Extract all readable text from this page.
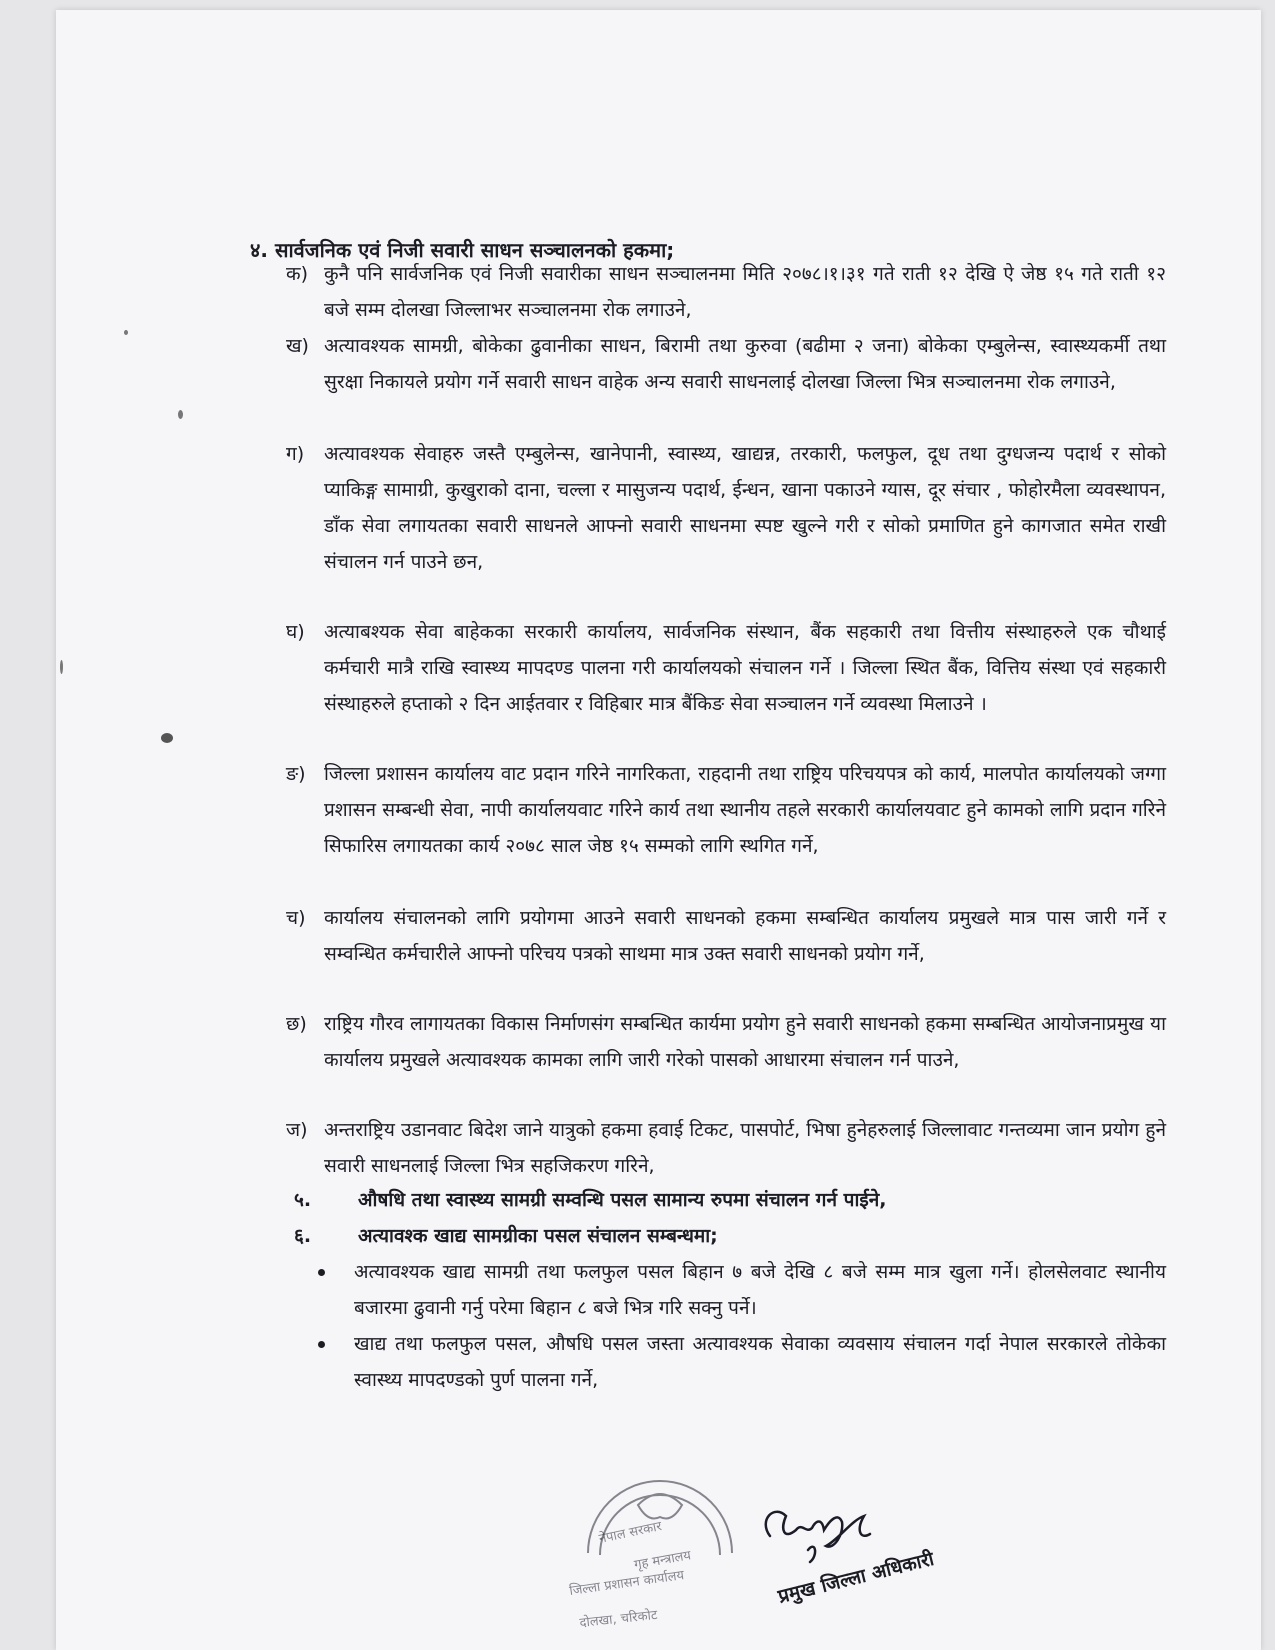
४. सार्वजनिक एवं निजी सवारी साधन सञ्चालनको हकमा;
क) कुनै पनि सार्वजनिक एवं निजी सवारीका साधन सञ्चालनमा मिति २०७८।१।३१ गते राती १२ देखि ऐ जेष्ठ १५ गते राती १२ बजे सम्म दोलखा जिल्लाभर सञ्चालनमा रोक लगाउने,
ख) अत्यावश्यक सामग्री, बोकेका ढुवानीका साधन, बिरामी तथा कुरुवा (बढीमा २ जना) बोकेका एम्बुलेन्स, स्वास्थ्यकर्मी तथा सुरक्षा निकायले प्रयोग गर्ने सवारी साधन वाहेक अन्य सवारी साधनलाई दोलखा जिल्ला भित्र सञ्चालनमा रोक लगाउने,
ग) अत्यावश्यक सेवाहरु जस्तै एम्बुलेन्स, खानेपानी, स्वास्थ्य, खाद्यन्न, तरकारी, फलफुल, दूध तथा दुग्धजन्य पदार्थ र सोको प्याकिङ्ग सामाग्री, कुखुराको दाना, चल्ला र मासुजन्य पदार्थ, ईन्धन, खाना पकाउने ग्यास, दूर संचार , फोहोरमैला व्यवस्थापन, डाँक सेवा लगायतका सवारी साधनले आफ्नो सवारी साधनमा स्पष्ट खुल्ने गरी र सोको प्रमाणित हुने कागजात समेत राखी संचालन गर्न पाउने छन,
घ) अत्याबश्यक सेवा बाहेकका सरकारी कार्यालय, सार्वजनिक संस्थान, बैंक सहकारी तथा वित्तीय संस्थाहरुले एक चौथाई कर्मचारी मात्रै राखि स्वास्थ्य मापदण्ड पालना गरी कार्यालयको संचालन गर्ने । जिल्ला स्थित बैंक, वित्तिय संस्था एवं सहकारी संस्थाहरुले हप्ताको २ दिन आईतवार र विहिबार मात्र बैंकिङ सेवा सञ्चालन गर्ने व्यवस्था मिलाउने ।
ङ) जिल्ला प्रशासन कार्यालय वाट प्रदान गरिने नागरिकता, राहदानी तथा राष्ट्रिय परिचयपत्र को कार्य, मालपोत कार्यालयको जग्गा प्रशासन सम्बन्धी सेवा, नापी कार्यालयवाट गरिने कार्य तथा स्थानीय तहले सरकारी कार्यालयवाट हुने कामको लागि प्रदान गरिने सिफारिस लगायतका कार्य २०७८ साल जेष्ठ १५ सम्मको लागि स्थगित गर्ने,
च) कार्यालय संचालनको लागि प्रयोगमा आउने सवारी साधनको हकमा सम्बन्धित कार्यालय प्रमुखले मात्र पास जारी गर्ने र सम्वन्धित कर्मचारीले आफ्नो परिचय पत्रको साथमा मात्र उक्त सवारी साधनको प्रयोग गर्ने,
छ) राष्ट्रिय गौरव लागायतका विकास निर्माणसंग सम्बन्धित कार्यमा प्रयोग हुने सवारी साधनको हकमा सम्बन्धित आयोजनाप्रमुख या कार्यालय प्रमुखले अत्यावश्यक कामका लागि जारी गरेको पासको आधारमा संचालन गर्न पाउने,
ज) अन्तराष्ट्रिय उडानवाट बिदेश जाने यात्रुको हकमा हवाई टिकट, पासपोर्ट, भिषा हुनेहरुलाई जिल्लावाट गन्तव्यमा जान प्रयोग हुने सवारी साधनलाई जिल्ला भित्र सहजिकरण गरिने,
५. औषधि तथा स्वास्थ्य सामग्री सम्वन्धि पसल सामान्य रुपमा संचालन गर्न पाईने,
६. अत्यावश्क खाद्य सामग्रीका पसल संचालन सम्बन्धमा;
अत्यावश्यक खाद्य सामग्री तथा फलफुल पसल बिहान ७ बजे देखि ८ बजे सम्म मात्र खुला गर्ने। होलसेलवाट स्थानीय बजारमा ढुवानी गर्नु परेमा बिहान ८ बजे भित्र गरि सक्नु पर्ने।
खाद्य तथा फलफुल पसल, औषधि पसल जस्ता अत्यावश्यक सेवाका व्यवसाय संचालन गर्दा नेपाल सरकारले तोकेका स्वास्थ्य मापदण्डको पुर्ण पालना गर्ने,
नेपाल सरकार
गृह मन्त्रालय
जिल्ला प्रशासन कार्यालय
दोलखा, चरिकोट
प्रमुख जिल्ला अधिकारी
